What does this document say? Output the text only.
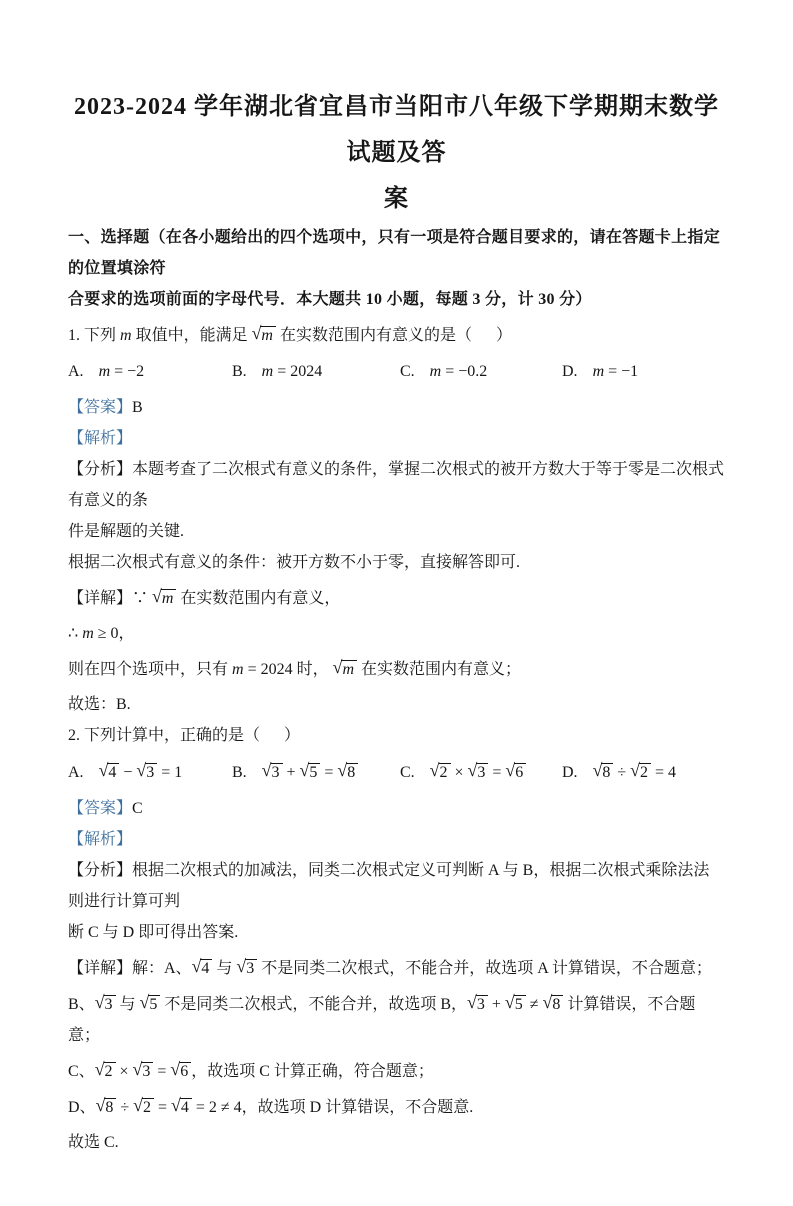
2023-2024 学年湖北省宜昌市当阳市八年级下学期期末数学试题及答
案
一、选择题（在各小题给出的四个选项中，只有一项是符合题目要求的，请在答题卡上指定的位置填涂符
合要求的选项前面的字母代号．本大题共 10 小题，每题 3 分，计 30 分）
1. 下列 m 取值中，能满足 √m 在实数范围内有意义的是（      ）
A. m = −2	B. m = 2024	C. m = −0.2	D. m = −1
【答案】B
【解析】
【分析】本题考查了二次根式有意义的条件，掌握二次根式的被开方数大于等于零是二次根式有意义的条
件是解题的关键.
根据二次根式有意义的条件：被开方数不小于零，直接解答即可.
【详解】∵ √m 在实数范围内有意义，
∴ m ≥ 0，
则在四个选项中，只有 m = 2024 时， √m 在实数范围内有意义；
故选：B.
2. 下列计算中，正确的是（      ）
A. √4 − √3 = 1	B. √3 + √5 = √8	C. √2 × √3 = √6	D. √8 ÷ √2 = 4
【答案】C
【解析】
【分析】根据二次根式的加减法，同类二次根式定义可判断 A 与 B，根据二次根式乘除法法则进行计算可判
断 C 与 D 即可得出答案.
【详解】解：A、√4 与 √3 不是同类二次根式，不能合并，故选项 A 计算错误，不合题意；
B、√3 与 √5 不是同类二次根式，不能合并，故选项 B，√3 + √5 ≠ √8 计算错误，不合题意；
C、√2 × √3 = √6 ，故选项 C 计算正确，符合题意；
D、√8 ÷ √2 = √4 = 2 ≠ 4，故选项 D 计算错误，不合题意.
故选 C.
